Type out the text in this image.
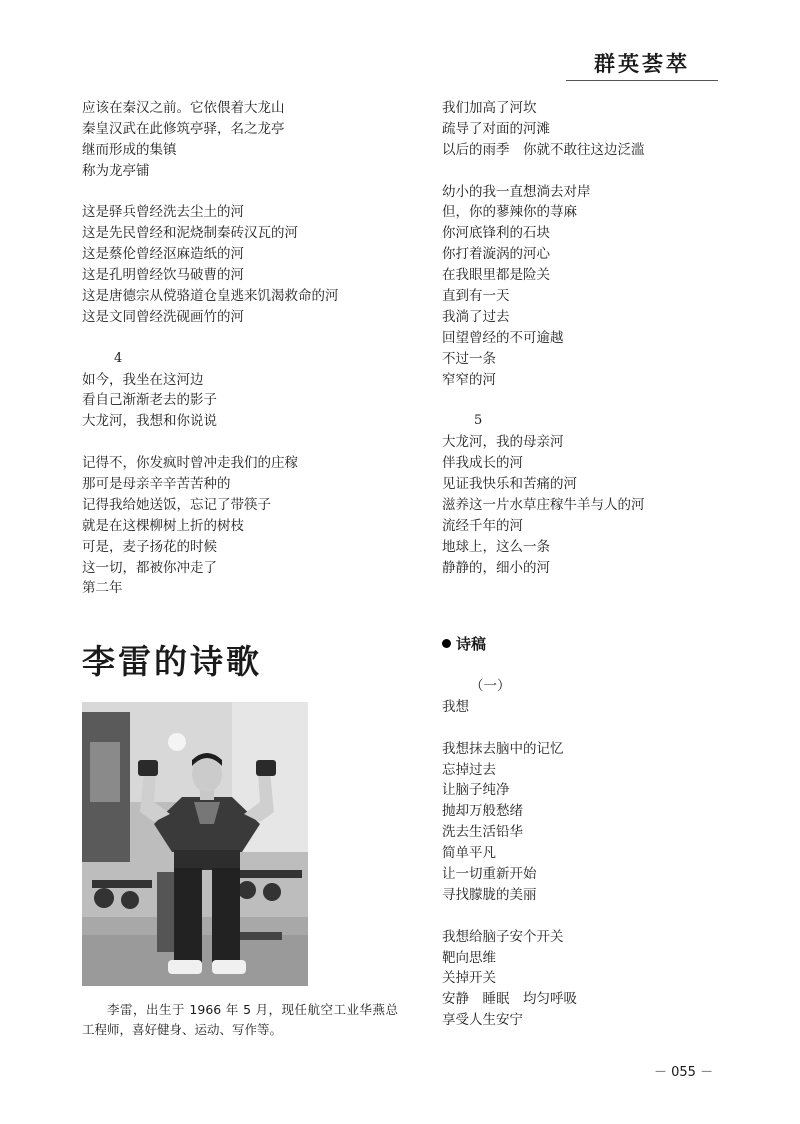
群英荟萃
应该在秦汉之前。它依偎着大龙山
秦皇汉武在此修筑亭驿，名之龙亭
继而形成的集镇
称为龙亭铺
这是驿兵曾经洗去尘土的河
这是先民曾经和泥烧制秦砖汉瓦的河
这是蔡伦曾经沤麻造纸的河
这是孔明曾经饮马破曹的河
这是唐德宗从傥骆道仓皇逃来饥渴救命的河
这是文同曾经洗砚画竹的河
4
如今，我坐在这河边
看自己渐渐老去的影子
大龙河，我想和你说说
记得不，你发疯时曾冲走我们的庄稼
那可是母亲辛辛苦苦种的
记得我给她送饭，忘记了带筷子
就是在这棵柳树上折的树枝
可是，麦子扬花的时候
这一切，都被你冲走了
第二年
我们加高了河坎
疏导了对面的河滩
以后的雨季　你就不敢往这边泛滥
幼小的我一直想淌去对岸
但，你的蓼辣你的荨麻
你河底锋利的石块
你打着漩涡的河心
在我眼里都是险关
直到有一天
我淌了过去
回望曾经的不可逾越
不过一条
窄窄的河
5
大龙河，我的母亲河
伴我成长的河
见证我快乐和苦痛的河
滋养这一片水草庄稼牛羊与人的河
流经千年的河
地球上，这么一条
静静的，细小的河
李雷的诗歌
李雷，出生于 1966 年 5 月，现任航空工业华燕总工程师，喜好健身、运动、写作等。
诗稿
（一）
我想
我想抹去脑中的记忆
忘掉过去
让脑子纯净
抛却万般愁绪
洗去生活铅华
简单平凡
让一切重新开始
寻找朦胧的美丽
我想给脑子安个开关
靶向思维
关掉开关
安静　睡眠　均匀呼吸
享受人生安宁
－ 055 －
